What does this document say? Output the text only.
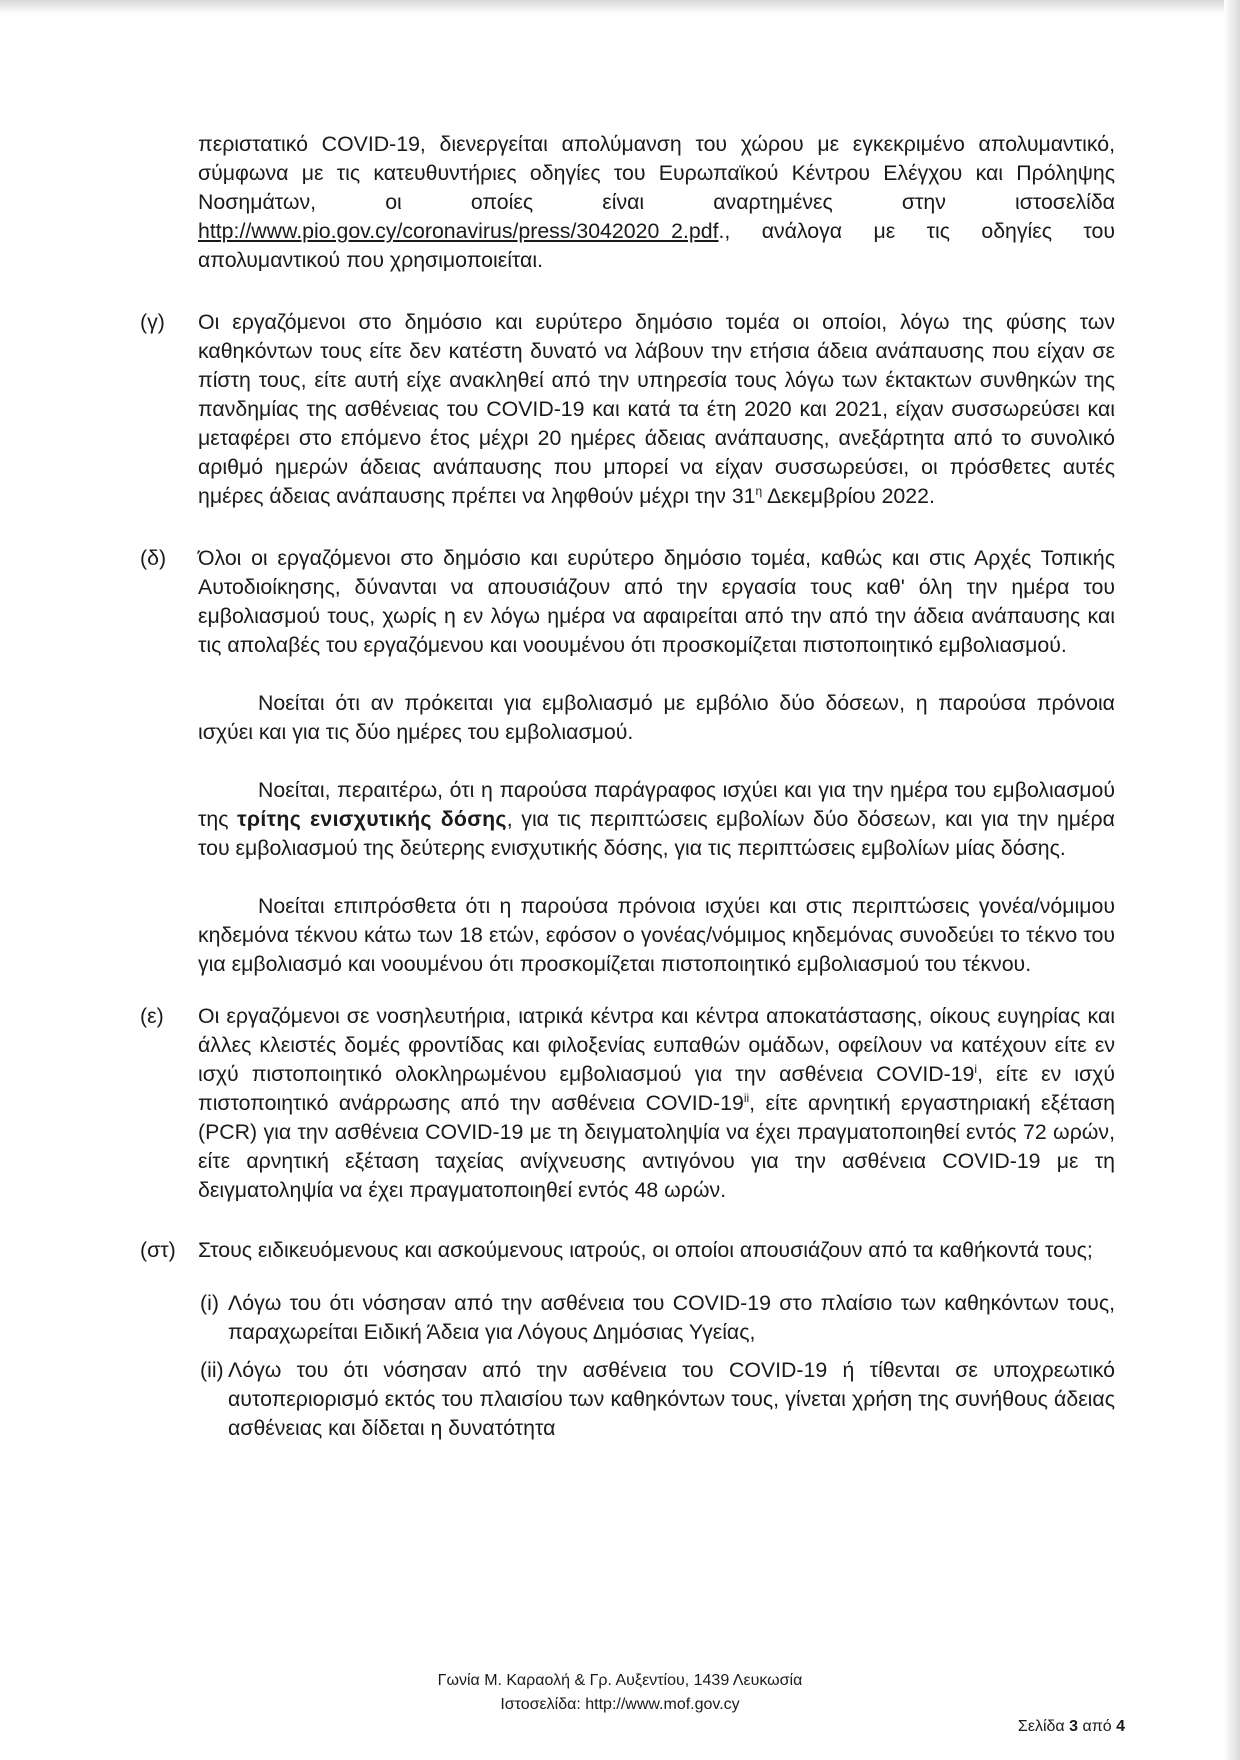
περιστατικό COVID-19, διενεργείται απολύμανση του χώρου με εγκεκριμένο απολυμαντικό, σύμφωνα με τις κατευθυντήριες οδηγίες του Ευρωπαϊκού Κέντρου Ελέγχου και Πρόληψης Νοσημάτων, οι οποίες είναι αναρτημένες στην ιστοσελίδα http://www.pio.gov.cy/coronavirus/press/3042020_2.pdf., ανάλογα με τις οδηγίες του απολυμαντικού που χρησιμοποιείται.

(γ) Οι εργαζόμενοι στο δημόσιο και ευρύτερο δημόσιο τομέα οι οποίοι, λόγω της φύσης των καθηκόντων τους είτε δεν κατέστη δυνατό να λάβουν την ετήσια άδεια ανάπαυσης που είχαν σε πίστη τους, είτε αυτή είχε ανακληθεί από την υπηρεσία τους λόγω των έκτακτων συνθηκών της πανδημίας της ασθένειας του COVID-19 και κατά τα έτη 2020 και 2021, είχαν συσσωρεύσει και μεταφέρει στο επόμενο έτος μέχρι 20 ημέρες άδειας ανάπαυσης, ανεξάρτητα από το συνολικό αριθμό ημερών άδειας ανάπαυσης που μπορεί να είχαν συσσωρεύσει, οι πρόσθετες αυτές ημέρες άδειας ανάπαυσης πρέπει να ληφθούν μέχρι την $31^\eta$ Δεκεμβρίου 2022.

(δ) Όλοι οι εργαζόμενοι στο δημόσιο και ευρύτερο δημόσιο τομέα, καθώς και στις Αρχές Τοπικής Αυτοδιοίκησης, δύνανται να απουσιάζουν από την εργασία τους καθ' όλη την ημέρα του εμβολιασμού τους, χωρίς η εν λόγω ημέρα να αφαιρείται από την από την άδεια ανάπαυσης και τις απολαβές του εργαζόμενου και νοουμένου ότι προσκομίζεται πιστοποιητικό εμβολιασμού.

Νοείται ότι αν πρόκειται για εμβολιασμό με εμβόλιο δύο δόσεων, η παρούσα πρόνοια ισχύει και για τις δύο ημέρες του εμβολιασμού.

Νοείται, περαιτέρω, ότι η παρούσα παράγραφος ισχύει και για την ημέρα του εμβολιασμού της τρίτης ενισχυτικής δόσης, για τις περιπτώσεις εμβολίων δύο δόσεων, και για την ημέρα του εμβολιασμού της δεύτερης ενισχυτικής δόσης, για τις περιπτώσεις εμβολίων μίας δόσης.

Νοείται επιπρόσθετα ότι η παρούσα πρόνοια ισχύει και στις περιπτώσεις γονέα/νόμιμου κηδεμόνα τέκνου κάτω των 18 ετών, εφόσον ο γονέας/νόμιμος κηδεμόνας συνοδεύει το τέκνο του για εμβολιασμό και νοουμένου ότι προσκομίζεται πιστοποιητικό εμβολιασμού του τέκνου.

(ε) Οι εργαζόμενοι σε νοσηλευτήρια, ιατρικά κέντρα και κέντρα αποκατάστασης, οίκους ευγηρίας και άλλες κλειστές δομές φροντίδας και φιλοξενίας ευπαθών ομάδων, οφείλουν να κατέχουν είτε εν ισχύ πιστοποιητικό ολοκληρωμένου εμβολιασμού για την ασθένεια COVID-19$^i$, είτε εν ισχύ πιστοποιητικό ανάρρωσης από την ασθένεια COVID-19$^{ii}$, είτε αρνητική εργαστηριακή εξέταση (PCR) για την ασθένεια COVID-19 με τη δειγματοληψία να έχει πραγματοποιηθεί εντός 72 ωρών, είτε αρνητική εξέταση ταχείας ανίχνευσης αντιγόνου για την ασθένεια COVID-19 με τη δειγματοληψία να έχει πραγματοποιηθεί εντός 48 ωρών.

(στ) Στους ειδικευόμενους και ασκούμενους ιατρούς, οι οποίοι απουσιάζουν από τα καθήκοντά τους;

(i) Λόγω του ότι νόσησαν από την ασθένεια του COVID-19 στο πλαίσιο των καθηκόντων τους, παραχωρείται Ειδική Άδεια για Λόγους Δημόσιας Υγείας,

(ii) Λόγω του ότι νόσησαν από την ασθένεια του COVID-19 ή τίθενται σε υποχρεωτικό αυτοπεριορισμό εκτός του πλαισίου των καθηκόντων τους, γίνεται χρήση της συνήθους άδειας ασθένειας και δίδεται η δυνατότητα

Γωνία Μ. Καραολή & Γρ. Αυξεντίου, 1439 Λευκωσία
Ιστοσελίδα: http://www.mof.gov.cy
Σελίδα 3 από 4
